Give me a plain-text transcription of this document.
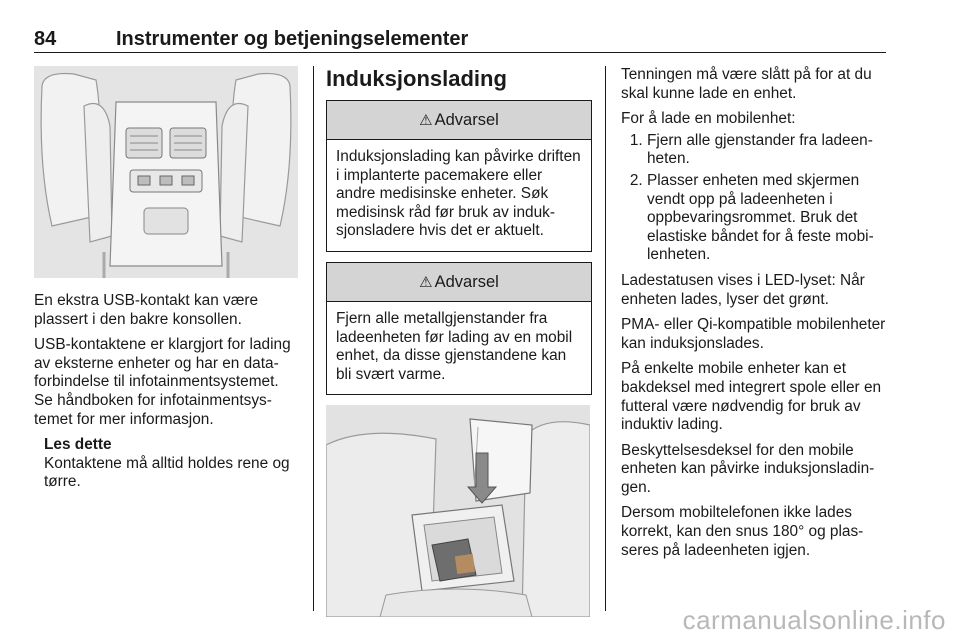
84	Instrumenter og betjeningselementer

En ekstra USB-kontakt kan være plassert i den bakre konsollen.

USB-kontaktene er klargjort for lading av eksterne enheter og har en dataforbindelse til infotainmentsystemet. Se håndboken for infotainmentsystemet for mer informasjon.

Les dette
Kontaktene må alltid holdes rene og tørre.
Induksjonslading
⚠ Advarsel
Induksjonslading kan påvirke driften i implanterte pacemakere eller andre medisinske enheter. Søk medisinsk råd før bruk av induksjonsladere hvis det er aktuelt.
⚠ Advarsel
Fjern alle metallgjenstander fra ladeenheten før lading av en mobil enhet, da disse gjenstandene kan bli svært varme.

Tenningen må være slått på for at du skal kunne lade en enhet.

For å lade en mobilenhet:

1. Fjern alle gjenstander fra ladeenheten.
2. Plasser enheten med skjermen vendt opp på ladeenheten i oppbevaringsrommet. Bruk det elastiske båndet for å feste mobilenheten.

Ladestatusen vises i LED-lyset: Når enheten lades, lyser det grønt.

PMA- eller Qi-kompatible mobilenheter kan induksjonslades.

På enkelte mobile enheter kan et bakdeksel med integrert spole eller en futteral være nødvendig for bruk av induktiv lading.

Beskyttelsesdeksel for den mobile enheten kan påvirke induksjonsladingen.

Dersom mobiltelefonen ikke lades korrekt, kan den snus 180° og plasseres på ladeenheten igjen.

carmanualsonline.info
